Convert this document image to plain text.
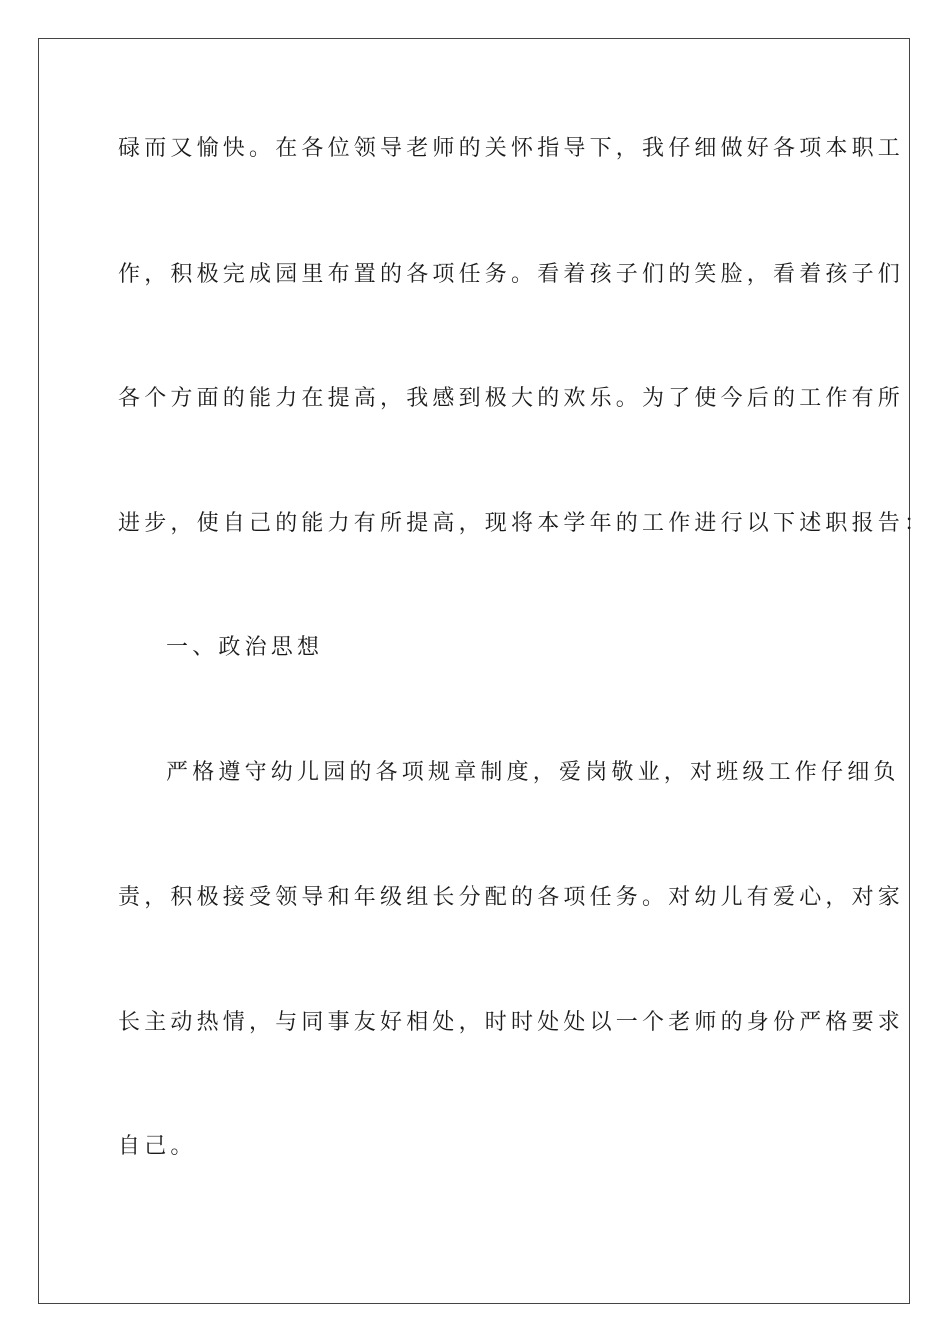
碌而又愉快。在各位领导老师的关怀指导下，我仔细做好各项本职工
作，积极完成园里布置的各项任务。看着孩子们的笑脸，看着孩子们
各个方面的能力在提高，我感到极大的欢乐。为了使今后的工作有所
进步，使自己的能力有所提高，现将本学年的工作进行以下述职报告：
一、政治思想
严格遵守幼儿园的各项规章制度，爱岗敬业，对班级工作仔细负
责，积极接受领导和年级组长分配的各项任务。对幼儿有爱心，对家
长主动热情，与同事友好相处，时时处处以一个老师的身份严格要求
自己。
